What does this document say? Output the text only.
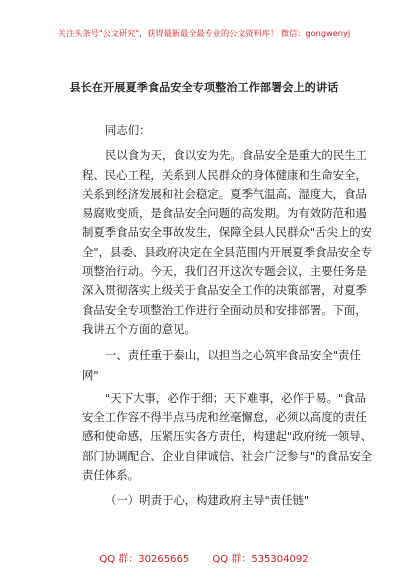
关注头条号"公文研究"，获得最新最全最专业的公文资料库！ 微信：gongwenyj
县长在开展夏季食品安全专项整治工作部署会上的讲话
同志们：
民以食为天，食以安为先。食品安全是重大的民生工
程、民心工程，关系到人民群众的身体健康和生命安全，
关系到经济发展和社会稳定。夏季气温高、湿度大，食品
易腐败变质，是食品安全问题的高发期。为有效防范和遏
制夏季食品安全事故发生，保障全县人民群众"舌尖上的安
全"，县委、县政府决定在全县范围内开展夏季食品安全专
项整治行动。今天，我们召开这次专题会议，主要任务是
深入贯彻落实上级关于食品安全工作的决策部署，对夏季
食品安全专项整治工作进行全面动员和安排部署。下面，
我讲五个方面的意见。
一、责任重于泰山，以担当之心筑牢食品安全"责任
网"
"天下大事，必作于细；天下难事，必作于易。"食品
安全工作容不得半点马虎和丝毫懈怠，必须以高度的责任
感和使命感，压紧压实各方责任，构建起"政府统一领导、
部门协调配合、企业自律诚信、社会广泛参与"的食品安全
责任体系。
（一）明责于心，构建政府主导"责任链"
QQ 群：30265665 QQ 群：535304092
